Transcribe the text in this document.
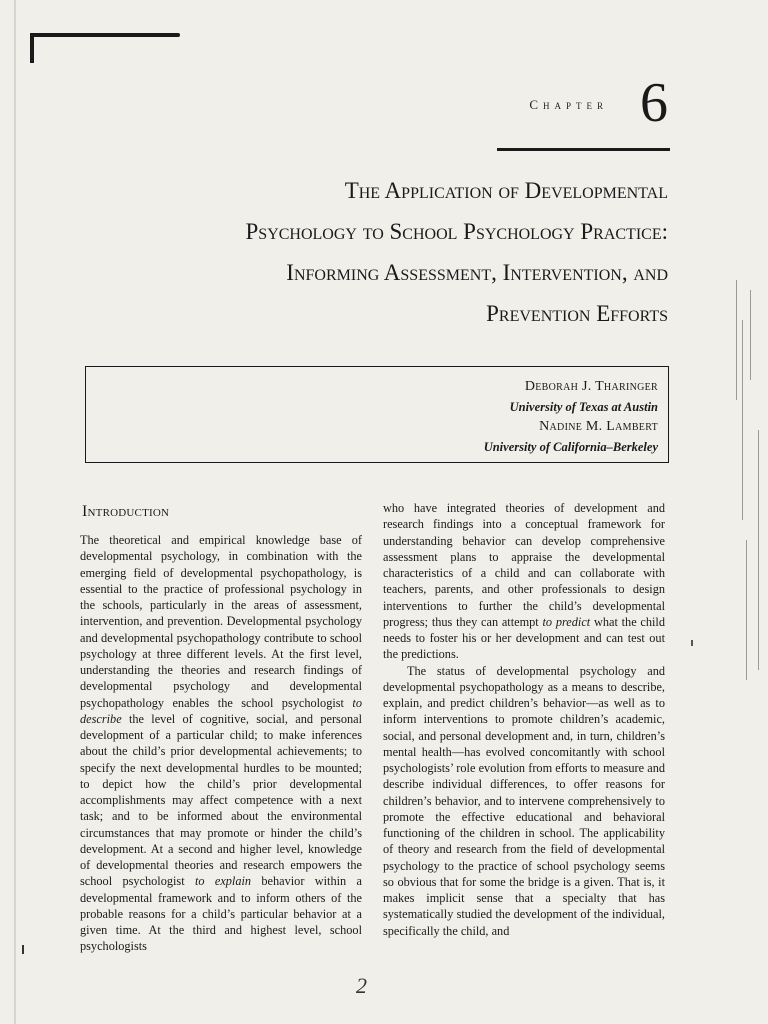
Chapter 6
The Application of Developmental
Psychology to School Psychology Practice:
Informing Assessment, Intervention, and
Prevention Efforts
Deborah J. Tharinger
University of Texas at Austin
Nadine M. Lambert
University of California–Berkeley
Introduction

The theoretical and empirical knowledge base of developmental psychology, in combination with the emerging field of developmental psychopathology, is essential to the practice of professional psychology in the schools, particularly in the areas of assessment, intervention, and prevention. Developmental psychology and developmental psychopathology contribute to school psychology at three different levels. At the first level, understanding the theories and research findings of developmental psychology and developmental psychopathology enables the school psychologist to describe the level of cognitive, social, and personal development of a particular child; to make inferences about the child’s prior developmental achievements; to specify the next developmental hurdles to be mounted; to depict how the child’s prior developmental accomplishments may affect competence with a next task; and to be informed about the environmental circumstances that may promote or hinder the child’s development. At a second and higher level, knowledge of developmental theories and research empowers the school psychologist to explain behavior within a developmental framework and to inform others of the probable reasons for a child’s particular behavior at a given time. At the third and highest level, school psychologists

who have integrated theories of development and research findings into a conceptual framework for understanding behavior can develop comprehensive assessment plans to appraise the developmental characteristics of a child and can collaborate with teachers, parents, and other professionals to design interventions to further the child’s developmental progress; thus they can attempt to predict what the child needs to foster his or her development and can test out the predictions.

The status of developmental psychology and developmental psychopathology as a means to describe, explain, and predict children’s behavior—as well as to inform interventions to promote children’s academic, social, and personal development and, in turn, children’s mental health—has evolved concomitantly with school psychologists’ role evolution from efforts to measure and describe individual differences, to offer reasons for children’s behavior, and to intervene comprehensively to promote the effective educational and behavioral functioning of the children in school. The applicability of theory and research from the field of developmental psychology to the practice of school psychology seems so obvious that for some the bridge is a given. That is, it makes implicit sense that a specialty that has systematically studied the development of the individual, specifically the child, and

2
